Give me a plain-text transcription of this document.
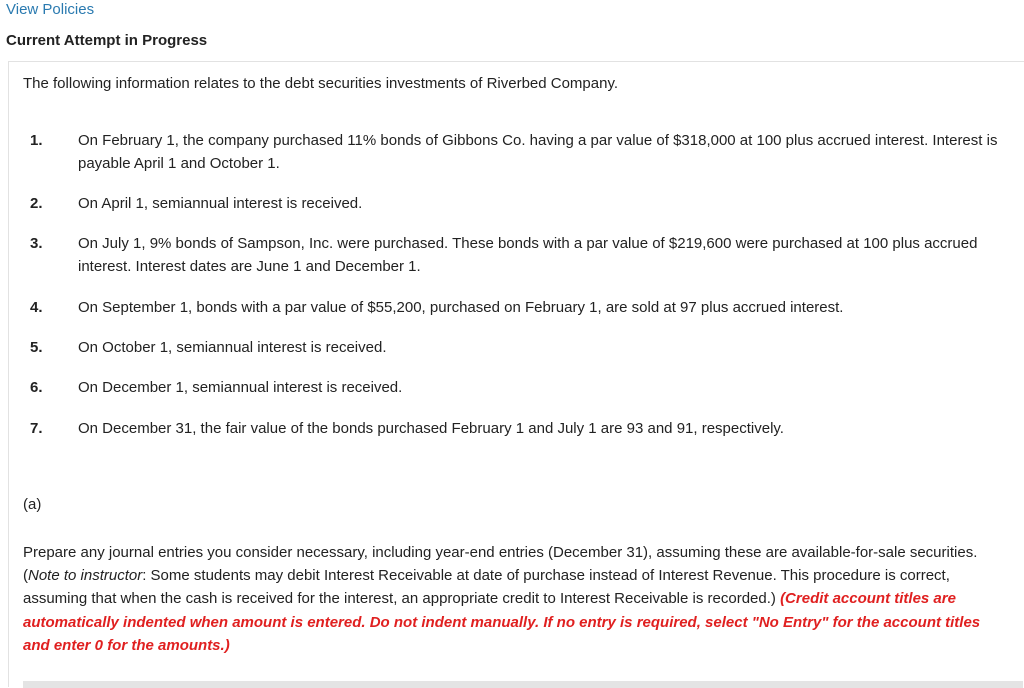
View Policies
Current Attempt in Progress
The following information relates to the debt securities investments of Riverbed Company.
1.	On February 1, the company purchased 11% bonds of Gibbons Co. having a par value of $318,000 at 100 plus accrued interest. Interest is payable April 1 and October 1.
2.	On April 1, semiannual interest is received.
3.	On July 1, 9% bonds of Sampson, Inc. were purchased. These bonds with a par value of $219,600 were purchased at 100 plus accrued interest. Interest dates are June 1 and December 1.
4.	On September 1, bonds with a par value of $55,200, purchased on February 1, are sold at 97 plus accrued interest.
5.	On October 1, semiannual interest is received.
6.	On December 1, semiannual interest is received.
7.	On December 31, the fair value of the bonds purchased February 1 and July 1 are 93 and 91, respectively.
(a)
Prepare any journal entries you consider necessary, including year-end entries (December 31), assuming these are available-for-sale securities. (Note to instructor: Some students may debit Interest Receivable at date of purchase instead of Interest Revenue. This procedure is correct, assuming that when the cash is received for the interest, an appropriate credit to Interest Receivable is recorded.) (Credit account titles are automatically indented when amount is entered. Do not indent manually. If no entry is required, select "No Entry" for the account titles and enter 0 for the amounts.)
